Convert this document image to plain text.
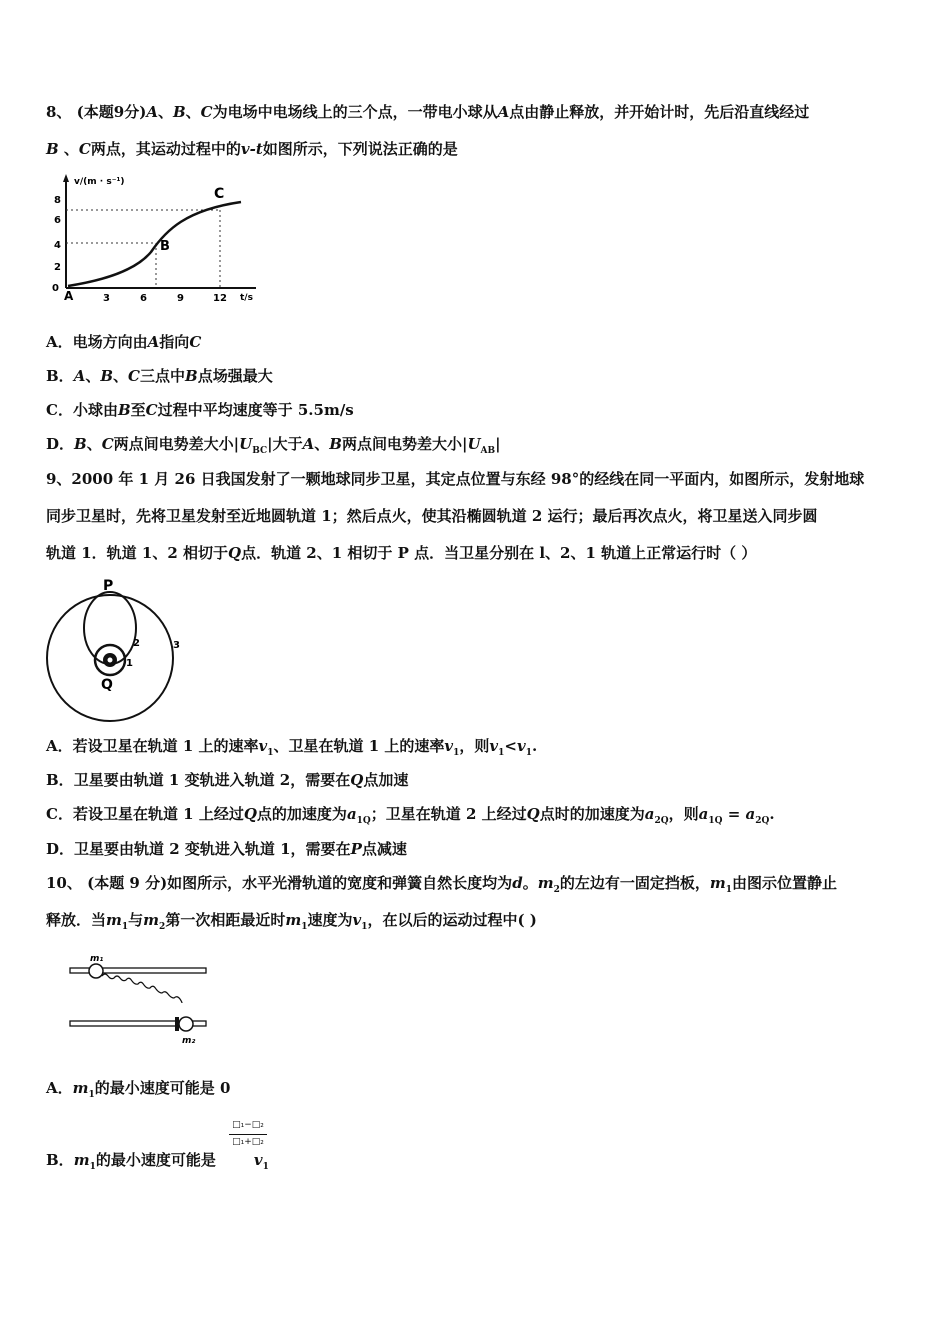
8、 (本题9分)A、B、C为电场中电场线上的三个点，一带电小球从A点由静止释放，并开始计时，先后沿直线经过
B 、C两点，其运动过程中的v-t如图所示，下列说法正确的是
v/(m · s⁻¹)
t/s
8
6
4
2
0
3	6	9	12
A
B
C
A．电场方向由A指向C
B．A、B、C三点中B点场强最大
C．小球由B至C过程中平均速度等于 5.5m/s
D．B、C两点间电势差大小$|U_{BC}|$大于A、B两点间电势差大小$|U_{AB}|$
9、2000 年 1 月 26 日我国发射了一颗地球同步卫星，其定点位置与东经 98°的经线在同一平面内，如图所示，发射地球
同步卫星时，先将卫星发射至近地圆轨道 1；然后点火，使其沿椭圆轨道 2 运行；最后再次点火，将卫星送入同步圆
轨道 1．轨道 1、2 相切于Q点．轨道 2、1 相切于 P 点．当卫星分别在 l、2、1 轨道上正常运行时（ ）
P
Q
1
2	3
A．若设卫星在轨道 1 上的速率$v_1$、卫星在轨道 1 上的速率$v_1$，则$v_1<v_1$.
B．卫星要由轨道 1 变轨进入轨道 2，需要在Q点加速
C．若设卫星在轨道 1 上经过Q点的加速度为$a_{1Q}$；卫星在轨道 2 上经过Q点时的加速度为$a_{2Q}$，则$a_{1Q} = a_{2Q}$.
D．卫星要由轨道 2 变轨进入轨道 1，需要在P点减速
10、 (本题 9 分)如图所示，水平光滑轨道的宽度和弹簧自然长度均为d。$m_2$的左边有一固定挡板，$m_1$由图示位置静止
释放．当$m_1$与$m_2$第一次相距最近时$m_1$速度为$v_1$，在以后的运动过程中( )
m₁
m₂
A．$m_1$的最小速度可能是 0
□₁−□₂
□₁+□₂
B．$m_1$的最小速度可能是	$v_1$
